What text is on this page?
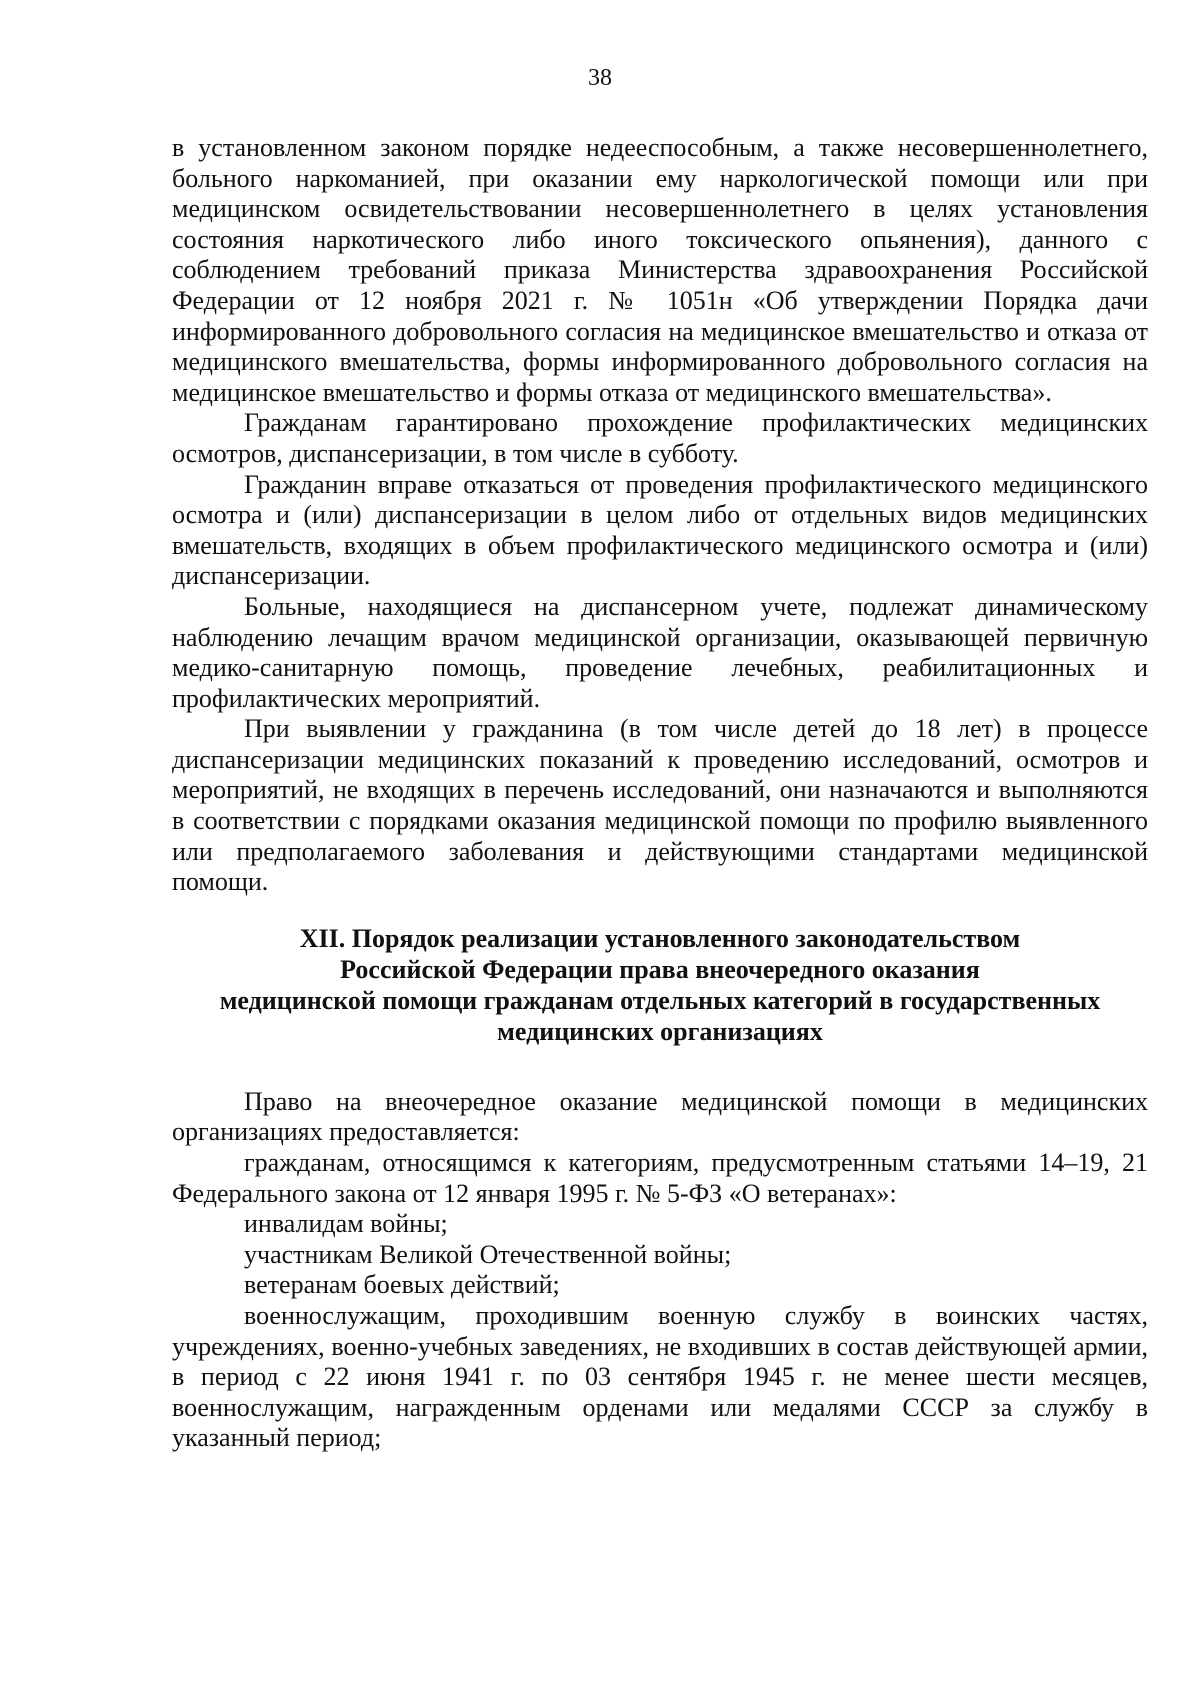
38

в установленном законом порядке недееспособным, а также несовершеннолетнего, больного наркоманией, при оказании ему наркологической помощи или при медицинском освидетельствовании несовершеннолетнего в целях установления состояния наркотического либо иного токсического опьянения), данного с соблюдением требований приказа Министерства здравоохранения Российской Федерации от 12 ноября 2021 г. № 1051н «Об утверждении Порядка дачи информированного добровольного согласия на медицинское вмешательство и отказа от медицинского вмешательства, формы информированного добровольного согласия на медицинское вмешательство и формы отказа от медицинского вмешательства».

Гражданам гарантировано прохождение профилактических медицинских осмотров, диспансеризации, в том числе в субботу.

Гражданин вправе отказаться от проведения профилактического медицинского осмотра и (или) диспансеризации в целом либо от отдельных видов медицинских вмешательств, входящих в объем профилактического медицинского осмотра и (или) диспансеризации.

Больные, находящиеся на диспансерном учете, подлежат динамическому наблюдению лечащим врачом медицинской организации, оказывающей первичную медико-санитарную помощь, проведение лечебных, реабилитационных и профилактических мероприятий.

При выявлении у гражданина (в том числе детей до 18 лет) в процессе диспансеризации медицинских показаний к проведению исследований, осмотров и мероприятий, не входящих в перечень исследований, они назначаются и выполняются в соответствии с порядками оказания медицинской помощи по профилю выявленного или предполагаемого заболевания и действующими стандартами медицинской помощи.

XII. Порядок реализации установленного законодательством
Российской Федерации права внеочередного оказания
медицинской помощи гражданам отдельных категорий в государственных
медицинских организациях

Право на внеочередное оказание медицинской помощи в медицинских организациях предоставляется:

гражданам, относящимся к категориям, предусмотренным статьями 14–19, 21 Федерального закона от 12 января 1995 г. № 5-ФЗ «О ветеранах»:

инвалидам войны;

участникам Великой Отечественной войны;

ветеранам боевых действий;

военнослужащим, проходившим военную службу в воинских частях, учреждениях, военно-учебных заведениях, не входивших в состав действующей армии, в период с 22 июня 1941 г. по 03 сентября 1945 г. не менее шести месяцев, военнослужащим, награжденным орденами или медалями СССР за службу в указанный период;
